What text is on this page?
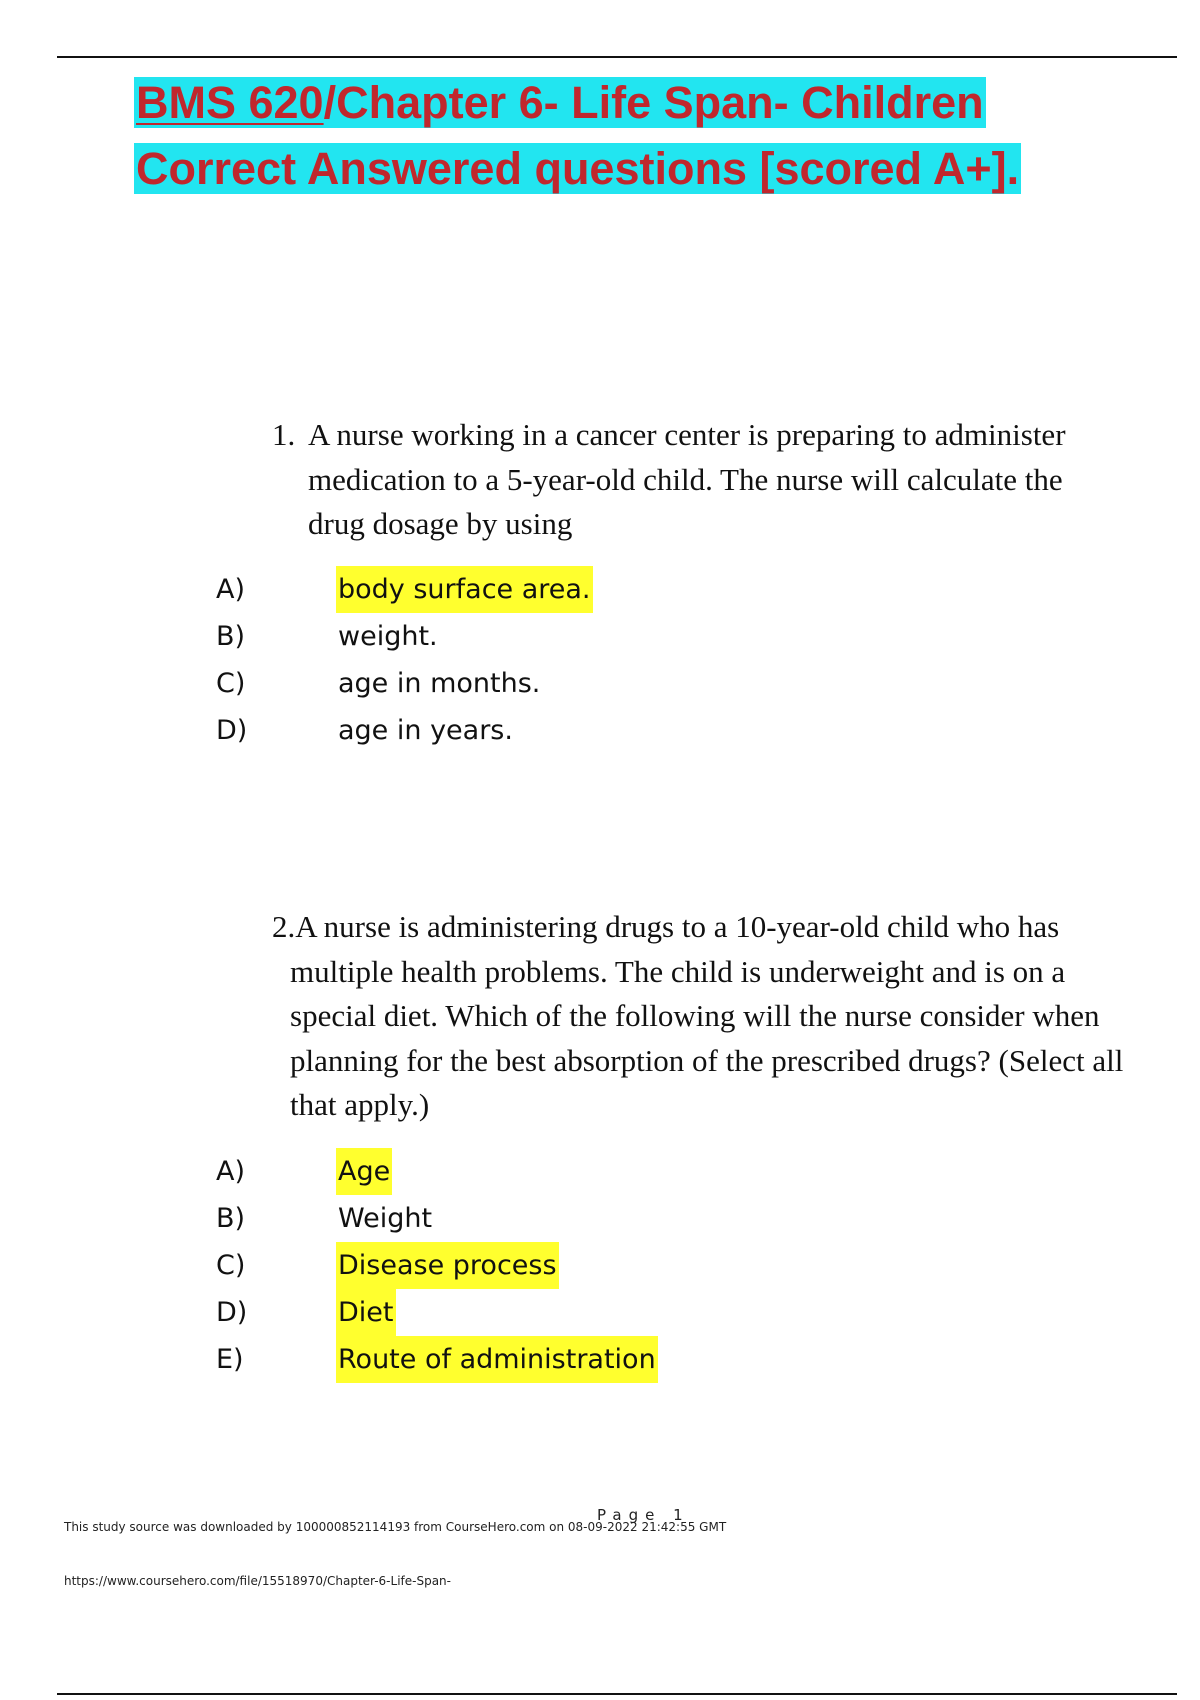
BMS 620/Chapter 6- Life Span- Children
Correct Answered questions [scored A+].

1. A nurse working in a cancer center is preparing to administer medication to a 5-year-old child. The nurse will calculate the drug dosage by using

A)	body surface area.
B)	weight.
C)	age in months.
D)	age in years.

2.A nurse is administering drugs to a 10-year-old child who has multiple health problems. The child is underweight and is on a special diet. Which of the following will the nurse consider when planning for the best absorption of the prescribed drugs? (Select all that apply.)

A)	Age
B)	Weight
C)	Disease process
D)	Diet
E)	Route of administration
Page 1

This study source was downloaded by 100000852114193 from CourseHero.com on 08-09-2022 21:42:55 GMT

https://www.coursehero.com/file/15518970/Chapter-6-Life-Span-
